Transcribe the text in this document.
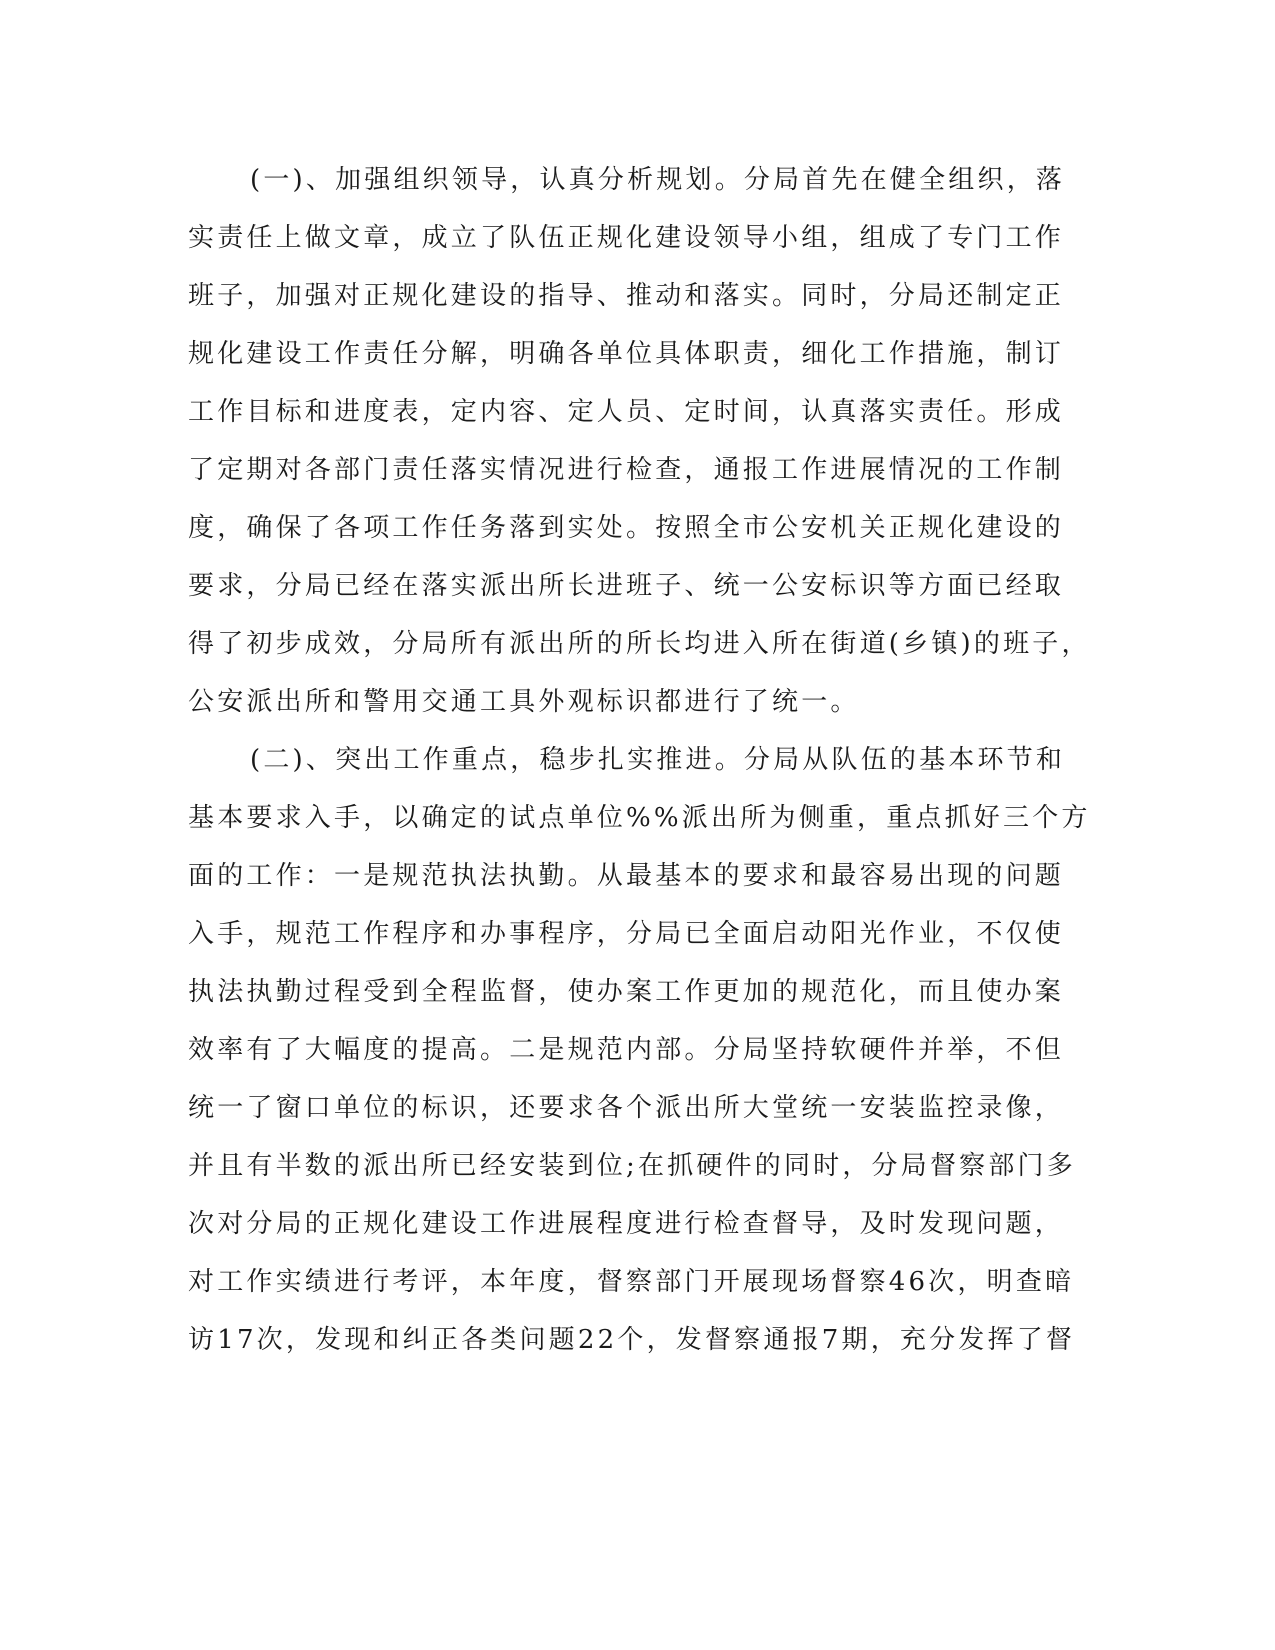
(一)、加强组织领导，认真分析规划。分局首先在健全组织，落
实责任上做文章，成立了队伍正规化建设领导小组，组成了专门工作
班子，加强对正规化建设的指导、推动和落实。同时，分局还制定正
规化建设工作责任分解，明确各单位具体职责，细化工作措施，制订
工作目标和进度表，定内容、定人员、定时间，认真落实责任。形成
了定期对各部门责任落实情况进行检查，通报工作进展情况的工作制
度，确保了各项工作任务落到实处。按照全市公安机关正规化建设的
要求，分局已经在落实派出所长进班子、统一公安标识等方面已经取
得了初步成效，分局所有派出所的所长均进入所在街道(乡镇)的班子，
公安派出所和警用交通工具外观标识都进行了统一。
(二)、突出工作重点，稳步扎实推进。分局从队伍的基本环节和
基本要求入手，以确定的试点单位%%派出所为侧重，重点抓好三个方
面的工作：一是规范执法执勤。从最基本的要求和最容易出现的问题
入手，规范工作程序和办事程序，分局已全面启动阳光作业，不仅使
执法执勤过程受到全程监督，使办案工作更加的规范化，而且使办案
效率有了大幅度的提高。二是规范内部。分局坚持软硬件并举，不但
统一了窗口单位的标识，还要求各个派出所大堂统一安装监控录像，
并且有半数的派出所已经安装到位;在抓硬件的同时，分局督察部门多
次对分局的正规化建设工作进展程度进行检查督导，及时发现问题，
对工作实绩进行考评，本年度，督察部门开展现场督察46次，明查暗
访17次，发现和纠正各类问题22个，发督察通报7期，充分发挥了督
